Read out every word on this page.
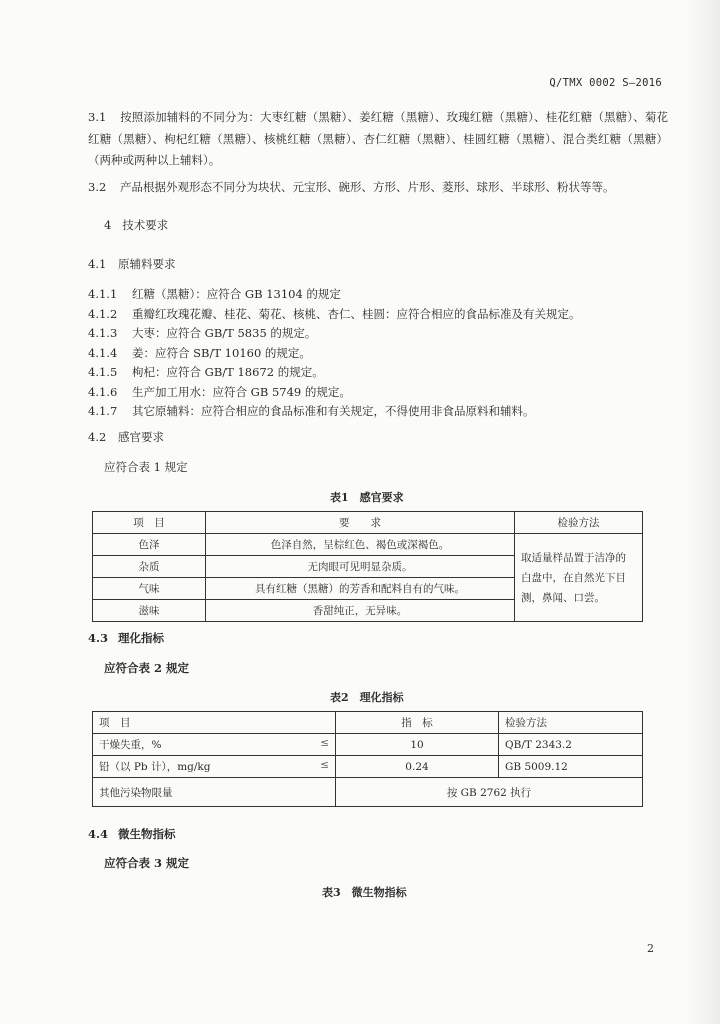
Q/TMX 0002 S—2016
3.1 按照添加辅料的不同分为：大枣红糖（黑糖）、姜红糖（黑糖）、玫瑰红糖（黑糖）、桂花红糖（黑糖）、菊花红糖（黑糖）、枸杞红糖（黑糖）、核桃红糖（黑糖）、杏仁红糖（黑糖）、桂圆红糖（黑糖）、混合类红糖（黑糖）（两种或两种以上辅料）。
3.2 产品根据外观形态不同分为块状、元宝形、碗形、方形、片形、菱形、球形、半球形、粉状等等。
4 技术要求
4.1 原辅料要求
4.1.1 红糖（黑糖）：应符合 GB 13104 的规定
4.1.2 重瓣红玫瑰花瓣、桂花、菊花、核桃、杏仁、桂圆：应符合相应的食品标准及有关规定。
4.1.3 大枣：应符合 GB/T 5835 的规定。
4.1.4 姜：应符合 SB/T 10160 的规定。
4.1.5 枸杞：应符合 GB/T 18672 的规定。
4.1.6 生产加工用水：应符合 GB 5749 的规定。
4.1.7 其它原辅料：应符合相应的食品标准和有关规定，不得使用非食品原料和辅料。
4.2 感官要求
应符合表 1 规定
表1　感官要求
项　目	要　　求	检验方法
色泽	色泽自然，呈棕红色、褐色或深褐色。	取适量样品置于洁净的白盘中，在自然光下目测，鼻闻、口尝。

杂质	无肉眼可见明显杂质。	
气味	具有红糖（黑糖）的芳香和配料自有的气味。	
滋味	香甜纯正，无异味。	
4.3 理化指标
应符合表 2 规定
表2　理化指标
项　目	指　标	检验方法
干燥失重，% ≤	10	QB/T 2343.2
铅（以 Pb 计），mg/kg ≤	0.24	GB 5009.12
其他污染物限量	按 GB 2762 执行	
4.4 微生物指标
应符合表 3 规定
表3　微生物指标
2
